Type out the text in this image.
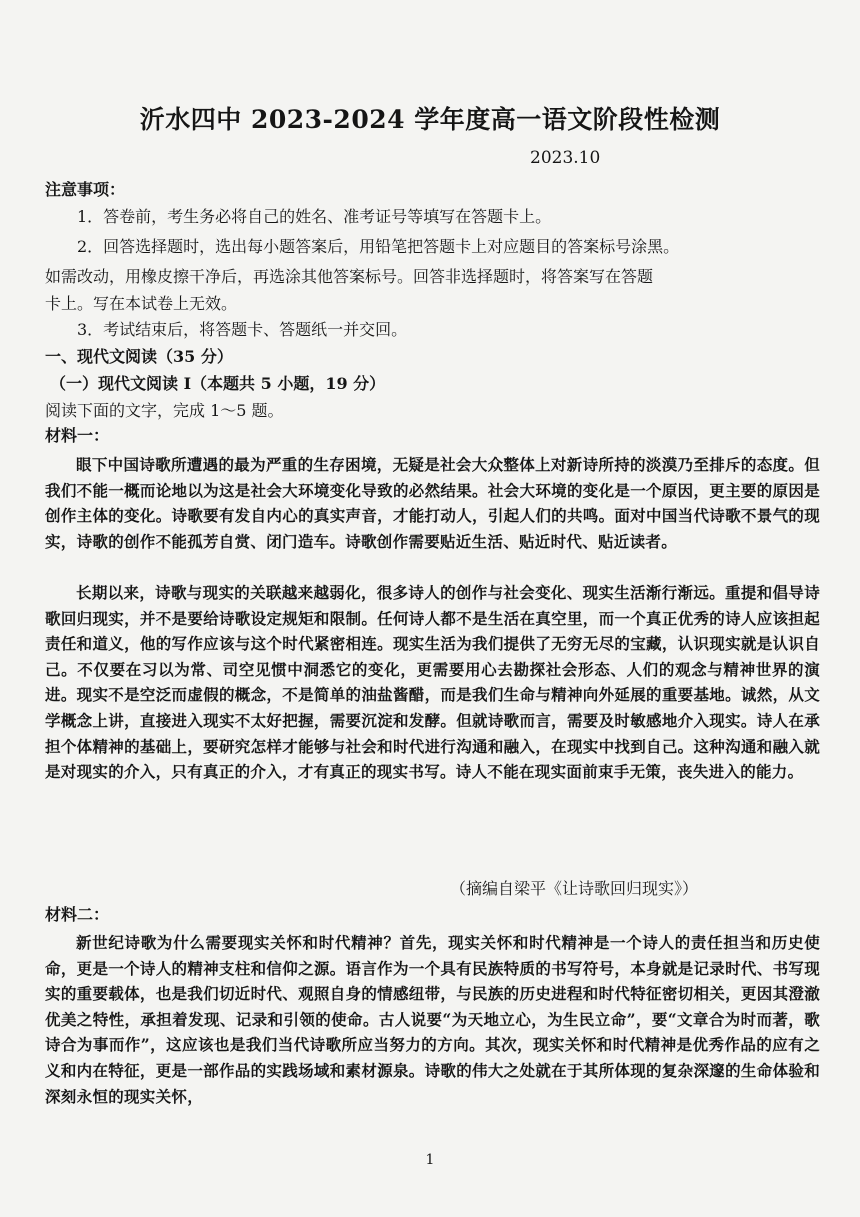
沂水四中 2023-2024 学年度高一语文阶段性检测
2023.10
注意事项：
1．答卷前，考生务必将自己的姓名、准考证号等填写在答题卡上。
2．回答选择题时，选出每小题答案后，用铅笔把答题卡上对应题目的答案标号涂黑。
如需改动，用橡皮擦干净后，再选涂其他答案标号。回答非选择题时，将答案写在答题
卡上。写在本试卷上无效。
3．考试结束后，将答题卡、答题纸一并交回。
一、现代文阅读（35 分）
（一）现代文阅读 I（本题共 5 小题，19 分）
阅读下面的文字，完成 1～5 题。
材料一：
眼下中国诗歌所遭遇的最为严重的生存困境，无疑是社会大众整体上对新诗所持的淡漠乃至排斥的态度。但我们不能一概而论地以为这是社会大环境变化导致的必然结果。社会大环境的变化是一个原因，更主要的原因是创作主体的变化。诗歌要有发自内心的真实声音，才能打动人，引起人们的共鸣。面对中国当代诗歌不景气的现实，诗歌的创作不能孤芳自赏、闭门造车。诗歌创作需要贴近生活、贴近时代、贴近读者。
长期以来，诗歌与现实的关联越来越弱化，很多诗人的创作与社会变化、现实生活渐行渐远。重提和倡导诗歌回归现实，并不是要给诗歌设定规矩和限制。任何诗人都不是生活在真空里，而一个真正优秀的诗人应该担起责任和道义，他的写作应该与这个时代紧密相连。现实生活为我们提供了无穷无尽的宝藏，认识现实就是认识自己。不仅要在习以为常、司空见惯中洞悉它的变化，更需要用心去勘探社会形态、人们的观念与精神世界的演进。现实不是空泛而虚假的概念，不是简单的油盐酱醋，而是我们生命与精神向外延展的重要基地。诚然，从文学概念上讲，直接进入现实不太好把握，需要沉淀和发酵。但就诗歌而言，需要及时敏感地介入现实。诗人在承担个体精神的基础上，要研究怎样才能够与社会和时代进行沟通和融入，在现实中找到自己。这种沟通和融入就是对现实的介入，只有真正的介入，才有真正的现实书写。诗人不能在现实面前束手无策，丧失进入的能力。
（摘编自梁平《让诗歌回归现实》）
材料二：
新世纪诗歌为什么需要现实关怀和时代精神？首先，现实关怀和时代精神是一个诗人的责任担当和历史使命，更是一个诗人的精神支柱和信仰之源。语言作为一个具有民族特质的书写符号，本身就是记录时代、书写现实的重要载体，也是我们切近时代、观照自身的情感纽带，与民族的历史进程和时代特征密切相关，更因其澄澈优美之特性，承担着发现、记录和引领的使命。古人说要“为天地立心，为生民立命”，要“文章合为时而著，歌诗合为事而作”，这应该也是我们当代诗歌所应当努力的方向。其次，现实关怀和时代精神是优秀作品的应有之义和内在特征，更是一部作品的实践场域和素材源泉。诗歌的伟大之处就在于其所体现的复杂深邃的生命体验和深刻永恒的现实关怀，
1
